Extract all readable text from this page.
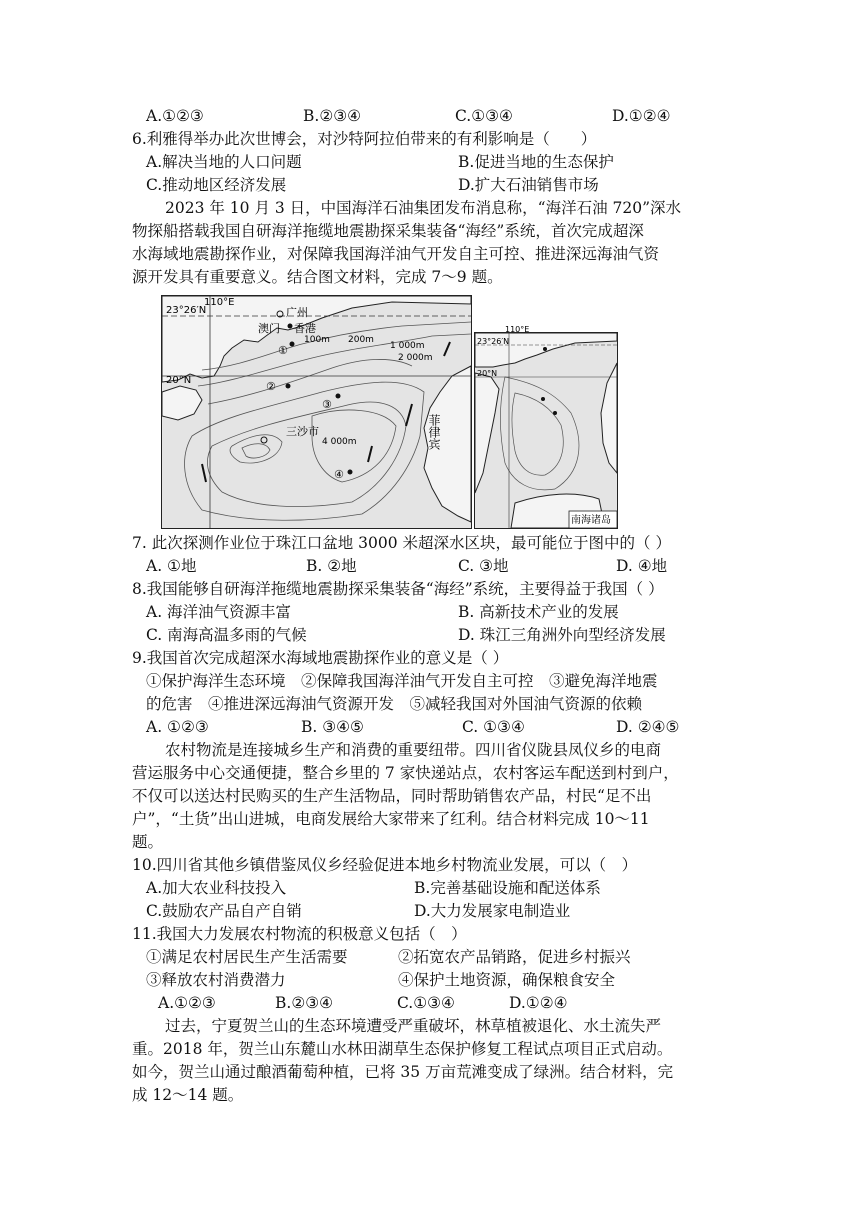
A.①②③	B.②③④	C.①③④	D.①②④
6.利雅得举办此次世博会，对沙特阿拉伯带来的有利影响是（　　）
A.解决当地的人口问题	B.促进当地的生态保护
C.推动地区经济发展	D.扩大石油销售市场
2023 年 10 月 3 日，中国海洋石油集团发布消息称，“海洋石油 720”深水
物探船搭载我国自研海洋拖缆地震勘探采集装备“海经”系统，首次完成超深
水海域地震勘探作业，对保障我国海洋油气开发自主可控、推进深远海油气资
源开发具有重要意义。结合图文材料，完成 7～9 题。
110°E
23°26′N
20°N
广州
澳门 香港
①
100m 200m
1 000m
2 000m
②
③
三沙市
4 000m
④
菲律宾
110°E
23°26′N
20°N
南海诸岛
7. 此次探测作业位于珠江口盆地 3000 米超深水区块，最可能位于图中的（ ）
A. ①地	B. ②地	C. ③地	D. ④地
8.我国能够自研海洋拖缆地震勘探采集装备“海经”系统，主要得益于我国（ ）
A. 海洋油气资源丰富	B. 高新技术产业的发展
C. 南海高温多雨的气候	D. 珠江三角洲外向型经济发展
9.我国首次完成超深水海域地震勘探作业的意义是（ ）
①保护海洋生态环境　②保障我国海洋油气开发自主可控　③避免海洋地震
的危害　④推进深远海油气资源开发　⑤减轻我国对外国油气资源的依赖
A. ①②③	B. ③④⑤	C. ①③④	D. ②④⑤
农村物流是连接城乡生产和消费的重要纽带。四川省仪陇县凤仪乡的电商
营运服务中心交通便捷，整合乡里的 7 家快递站点，农村客运车配送到村到户，
不仅可以送达村民购买的生产生活物品，同时帮助销售农产品，村民“足不出
户”，“土货”出山进城，电商发展给大家带来了红利。结合材料完成 10～11
题。
10.四川省其他乡镇借鉴凤仪乡经验促进本地乡村物流业发展，可以（　）
A.加大农业科技投入	B.完善基础设施和配送体系
C.鼓励农产品自产自销	D.大力发展家电制造业
11.我国大力发展农村物流的积极意义包括（　）
①满足农村居民生产生活需要	②拓宽农产品销路，促进乡村振兴
③释放农村消费潜力	④保护土地资源，确保粮食安全
A.①②③	B.②③④	C.①③④	D.①②④
过去，宁夏贺兰山的生态环境遭受严重破坏，林草植被退化、水土流失严
重。2018 年，贺兰山东麓山水林田湖草生态保护修复工程试点项目正式启动。
如今，贺兰山通过酿酒葡萄种植，已将 35 万亩荒滩变成了绿洲。结合材料，完
成 12～14 题。
